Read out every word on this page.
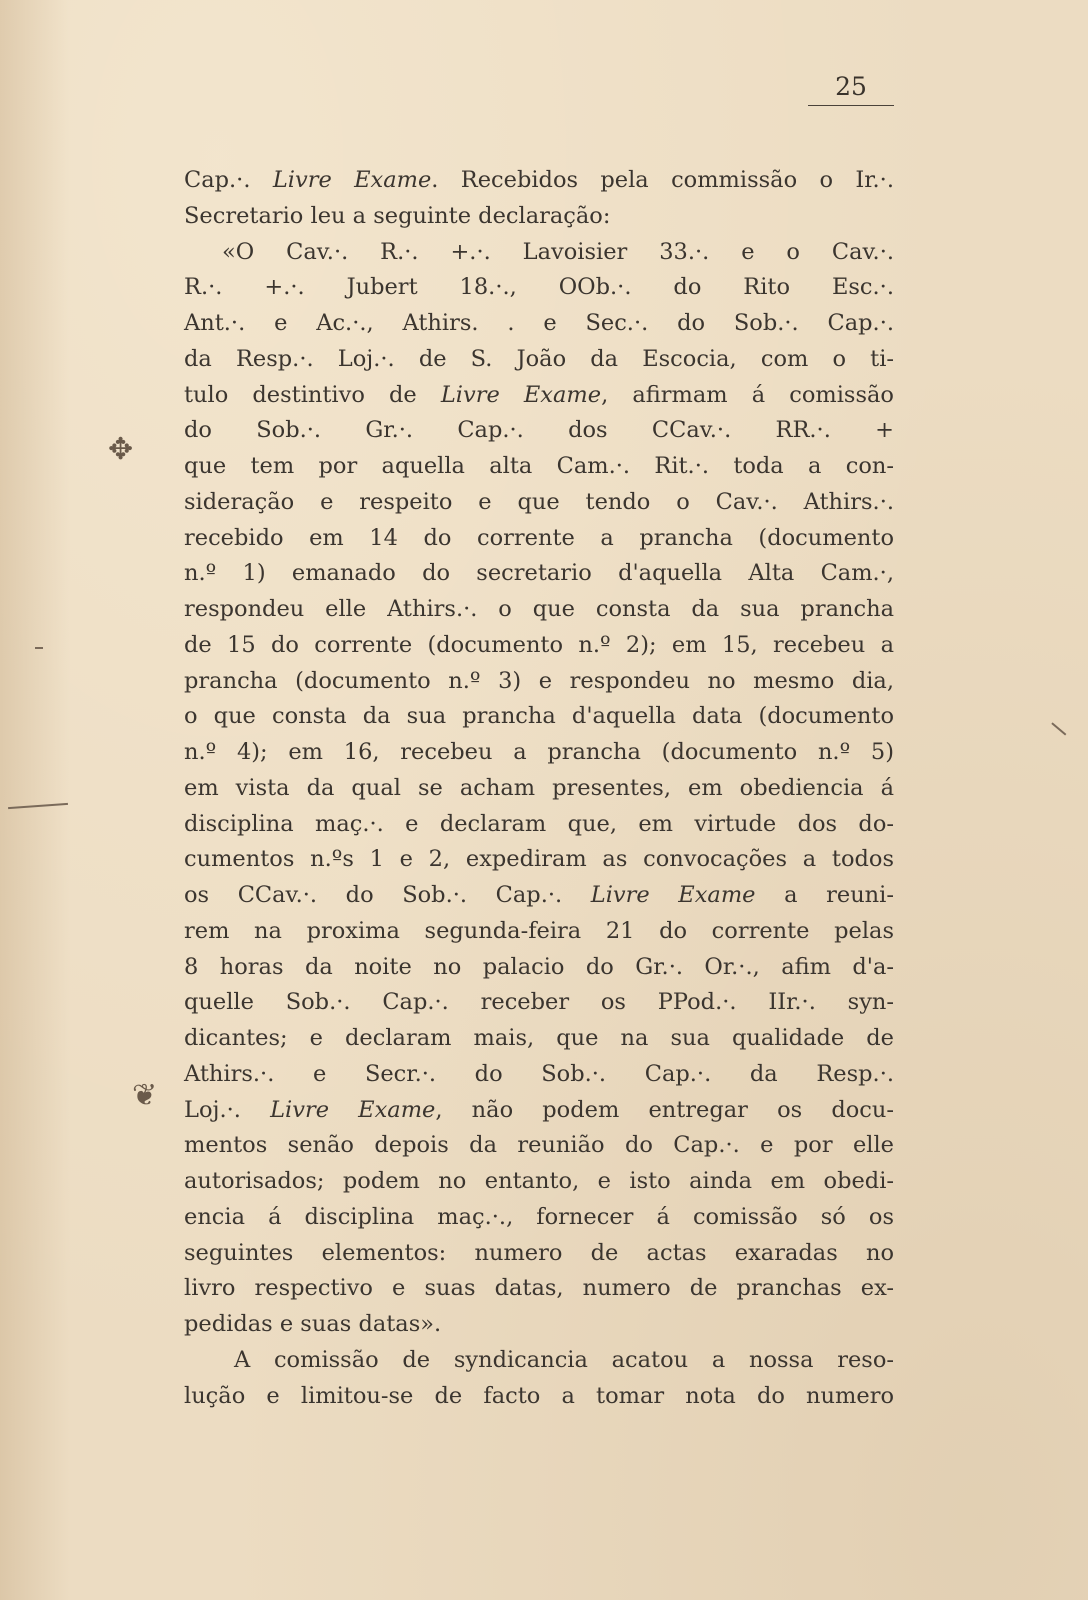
25
✥
❦
Cap.·. Livre Exame. Recebidos pela commissão o Ir.·.
Secretario leu a seguinte declaração:
«O Cav.·. R.·. +.·. Lavoisier 33.·. e o Cav.·.
R.·. +.·. Jubert 18.·., OOb.·. do Rito Esc.·.
Ant.·. e Ac.·., Athirs. . e Sec.·. do Sob.·. Cap.·.
da Resp.·. Loj.·. de S. João da Escocia, com o ti-
tulo destintivo de Livre Exame, afirmam á comissão
do Sob.·. Gr.·. Cap.·. dos CCav.·. RR.·. +
que tem por aquella alta Cam.·. Rit.·. toda a con-
sideração e respeito e que tendo o Cav.·. Athirs.·.
recebido em 14 do corrente a prancha (documento
n.º 1) emanado do secretario d'aquella Alta Cam.·,
respondeu elle Athirs.·. o que consta da sua prancha
de 15 do corrente (documento n.º 2); em 15, recebeu a
prancha (documento n.º 3) e respondeu no mesmo dia,
o que consta da sua prancha d'aquella data (documento
n.º 4); em 16, recebeu a prancha (documento n.º 5)
em vista da qual se acham presentes, em obediencia á
disciplina maç.·. e declaram que, em virtude dos do-
cumentos n.ºs 1 e 2, expediram as convocações a todos
os CCav.·. do Sob.·. Cap.·. Livre Exame a reuni-
rem na proxima segunda-feira 21 do corrente pelas
8 horas da noite no palacio do Gr.·. Or.·., afim d'a-
quelle Sob.·. Cap.·. receber os PPod.·. IIr.·. syn-
dicantes; e declaram mais, que na sua qualidade de
Athirs.·. e Secr.·. do Sob.·. Cap.·. da Resp.·.
Loj.·. Livre Exame, não podem entregar os docu-
mentos senão depois da reunião do Cap.·. e por elle
autorisados; podem no entanto, e isto ainda em obedi-
encia á disciplina maç.·., fornecer á comissão só os
seguintes elementos: numero de actas exaradas no
livro respectivo e suas datas, numero de pranchas ex-
pedidas e suas datas».
A comissão de syndicancia acatou a nossa reso-
lução e limitou-se de facto a tomar nota do numero
